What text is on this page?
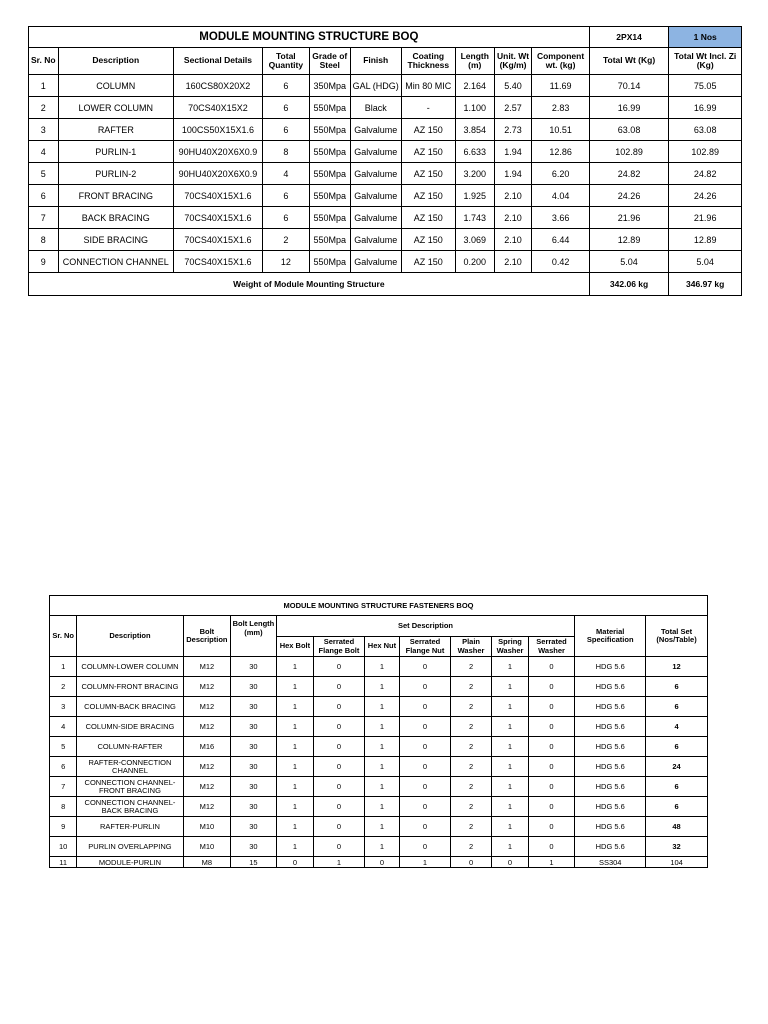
MODULE MOUNTING STRUCTURE BOQ										2PX14	1 Nos
Sr. No	Description	Sectional Details	Total Quantity	Grade of Steel	Finish	Coating Thickness	Length (m)	Unit. Wt (Kg/m)	Component wt. (kg)	Total Wt (Kg)	Total Wt Incl. Zi (Kg)
1	COLUMN	160CS80X20X2	6	350Mpa	GAL (HDG)	Min 80 MIC	2.164	5.40	11.69	70.14	75.05
2	LOWER COLUMN	70CS40X15X2	6	550Mpa	Black	-	1.100	2.57	2.83	16.99	16.99
3	RAFTER	100CS50X15X1.6	6	550Mpa	Galvalume	AZ 150	3.854	2.73	10.51	63.08	63.08
4	PURLIN-1	90HU40X20X6X0.9	8	550Mpa	Galvalume	AZ 150	6.633	1.94	12.86	102.89	102.89
5	PURLIN-2	90HU40X20X6X0.9	4	550Mpa	Galvalume	AZ 150	3.200	1.94	6.20	24.82	24.82
6	FRONT BRACING	70CS40X15X1.6	6	550Mpa	Galvalume	AZ 150	1.925	2.10	4.04	24.26	24.26
7	BACK BRACING	70CS40X15X1.6	6	550Mpa	Galvalume	AZ 150	1.743	2.10	3.66	21.96	21.96
8	SIDE BRACING	70CS40X15X1.6	2	550Mpa	Galvalume	AZ 150	3.069	2.10	6.44	12.89	12.89
9	CONNECTION CHANNEL	70CS40X15X1.6	12	550Mpa	Galvalume	AZ 150	0.200	2.10	0.42	5.04	5.04
Weight of Module Mounting Structure										342.06 kg	346.97 kg
MODULE MOUNTING STRUCTURE FASTENERS BOQ												
Sr. No	Description	Bolt Description	Bolt Length (mm)	Set Description							Material Specification	Total Set (Nos/Table)
				Hex Bolt	Serrated Flange Bolt	Hex Nut	Serrated Flange Nut	Plain Washer	Spring Washer	Serrated Washer		
1	COLUMN-LOWER COLUMN	M12	30	1	0	1	0	2	1	0	HDG 5.6	12
2	COLUMN-FRONT BRACING	M12	30	1	0	1	0	2	1	0	HDG 5.6	6
3	COLUMN-BACK BRACING	M12	30	1	0	1	0	2	1	0	HDG 5.6	6
4	COLUMN-SIDE BRACING	M12	30	1	0	1	0	2	1	0	HDG 5.6	4
5	COLUMN-RAFTER	M16	30	1	0	1	0	2	1	0	HDG 5.6	6
6	RAFTER-CONNECTION CHANNEL	M12	30	1	0	1	0	2	1	0	HDG 5.6	24
7	CONNECTION CHANNEL-FRONT BRACING	M12	30	1	0	1	0	2	1	0	HDG 5.6	6
8	CONNECTION CHANNEL-BACK BRACING	M12	30	1	0	1	0	2	1	0	HDG 5.6	6
9	RAFTER-PURLIN	M10	30	1	0	1	0	2	1	0	HDG 5.6	48
10	PURLIN OVERLAPPING	M10	30	1	0	1	0	2	1	0	HDG 5.6	32
11	MODULE-PURLIN	M8	15	0	1	0	1	0	0	1	SS304	104
